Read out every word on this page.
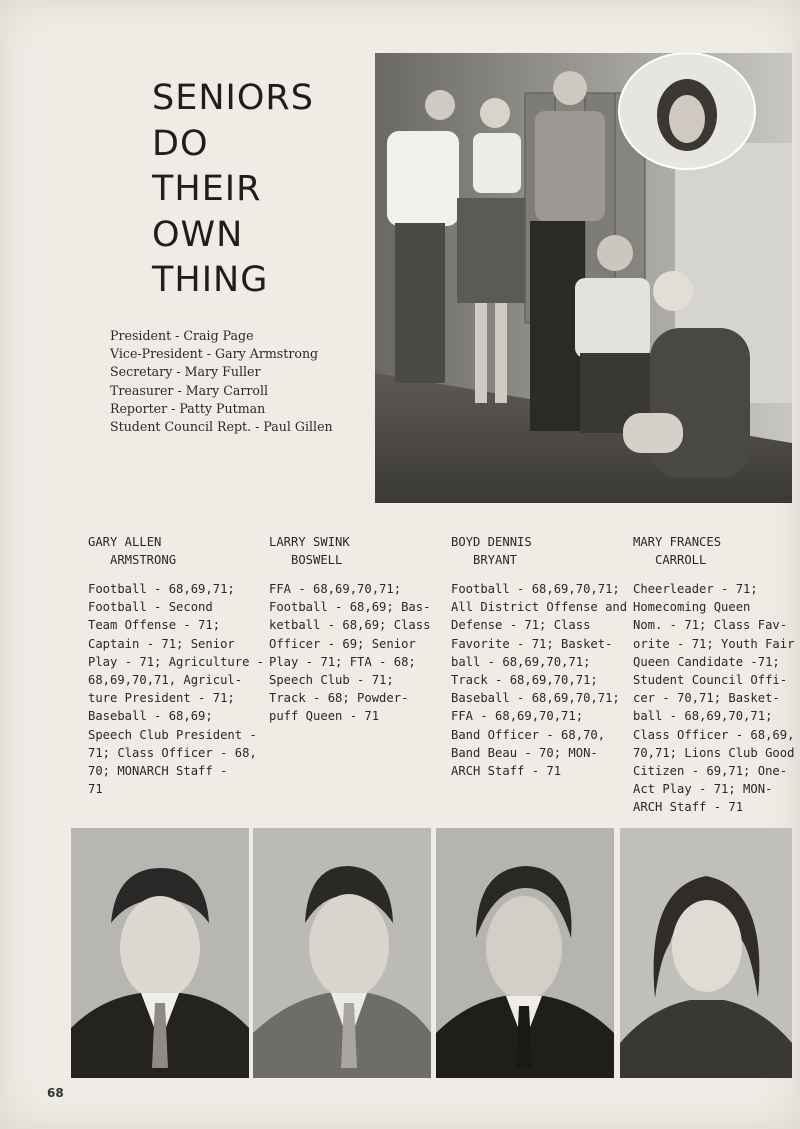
SENIORS
DO
THEIR
OWN
THING
President - Craig Page
Vice-President - Gary Armstrong
Secretary - Mary Fuller
Treasurer - Mary Carroll
Reporter - Patty Putman
Student Council Rept. - Paul Gillen
GARY ALLEN
ARMSTRONG
Football - 68,69,71;
Football - Second
Team Offense - 71;
Captain - 71; Senior
Play - 71; Agriculture -
68,69,70,71, Agricul-
ture President - 71;
Baseball - 68,69;
Speech Club President -
71; Class Officer - 68,
70; MONARCH Staff -
71
LARRY SWINK
BOSWELL
FFA - 68,69,70,71;
Football - 68,69; Bas-
ketball - 68,69; Class
Officer - 69; Senior
Play - 71; FTA - 68;
Speech Club - 71;
Track - 68; Powder-
puff Queen - 71
BOYD DENNIS
BRYANT
Football - 68,69,70,71;
All District Offense and
Defense - 71; Class
Favorite - 71; Basket-
ball - 68,69,70,71;
Track - 68,69,70,71;
Baseball - 68,69,70,71;
FFA - 68,69,70,71;
Band Officer - 68,70,
Band Beau - 70; MON-
ARCH Staff - 71
MARY FRANCES
CARROLL
Cheerleader - 71;
Homecoming Queen
Nom. - 71; Class Fav-
orite - 71; Youth Fair
Queen Candidate -71;
Student Council Offi-
cer - 70,71; Basket-
ball - 68,69,70,71;
Class Officer - 68,69,
70,71; Lions Club Good
Citizen - 69,71; One-
Act Play - 71; MON-
ARCH Staff - 71
68
